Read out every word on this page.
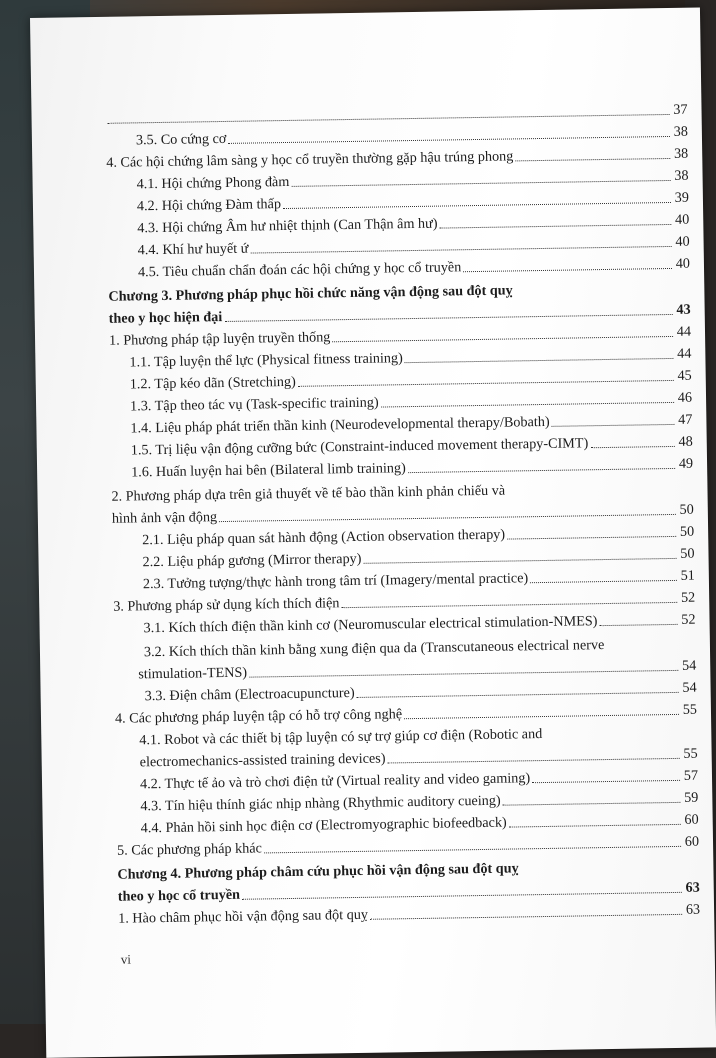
37
3.5. Co cứng cơ	38
4. Các hội chứng lâm sàng y học cổ truyền thường gặp hậu trúng phong	38
4.1. Hội chứng Phong đàm	38
4.2. Hội chứng Đàm thấp	39
4.3. Hội chứng Âm hư nhiệt thịnh (Can Thận âm hư)	40
4.4. Khí hư huyết ứ	40
4.5. Tiêu chuẩn chẩn đoán các hội chứng y học cổ truyền	40
Chương 3. Phương pháp phục hồi chức năng vận động sau đột quỵ
theo y học hiện đại	43
1. Phương pháp tập luyện truyền thống	44
1.1. Tập luyện thể lực (Physical fitness training)	44
1.2. Tập kéo dãn (Stretching)	45
1.3. Tập theo tác vụ (Task-specific training)	46
1.4. Liệu pháp phát triển thần kinh (Neurodevelopmental therapy/Bobath)	47
1.5. Trị liệu vận động cưỡng bức (Constraint-induced movement therapy-CIMT)	48
1.6. Huấn luyện hai bên (Bilateral limb training)	49
2. Phương pháp dựa trên giả thuyết về tế bào thần kinh phản chiếu và
hình ảnh vận động	50
2.1. Liệu pháp quan sát hành động (Action observation therapy)	50
2.2. Liệu pháp gương (Mirror therapy)	50
2.3. Tưởng tượng/thực hành trong tâm trí (Imagery/mental practice)	51
3. Phương pháp sử dụng kích thích điện	52
3.1. Kích thích điện thần kinh cơ (Neuromuscular electrical stimulation-NMES)	52
3.2. Kích thích thần kinh bằng xung điện qua da (Transcutaneous electrical nerve
stimulation-TENS)	54
3.3. Điện châm (Electroacupuncture)	54
4. Các phương pháp luyện tập có hỗ trợ công nghệ	55
4.1. Robot và các thiết bị tập luyện có sự trợ giúp cơ điện (Robotic and
electromechanics-assisted training devices)	55
4.2. Thực tế ảo và trò chơi điện tử (Virtual reality and video gaming)	57
4.3. Tín hiệu thính giác nhịp nhàng (Rhythmic auditory cueing)	59
4.4. Phản hồi sinh học điện cơ (Electromyographic biofeedback)	60
5. Các phương pháp khác	60
Chương 4. Phương pháp châm cứu phục hồi vận động sau đột quỵ
theo y học cổ truyền	63
1. Hào châm phục hồi vận động sau đột quỵ	63
vi
